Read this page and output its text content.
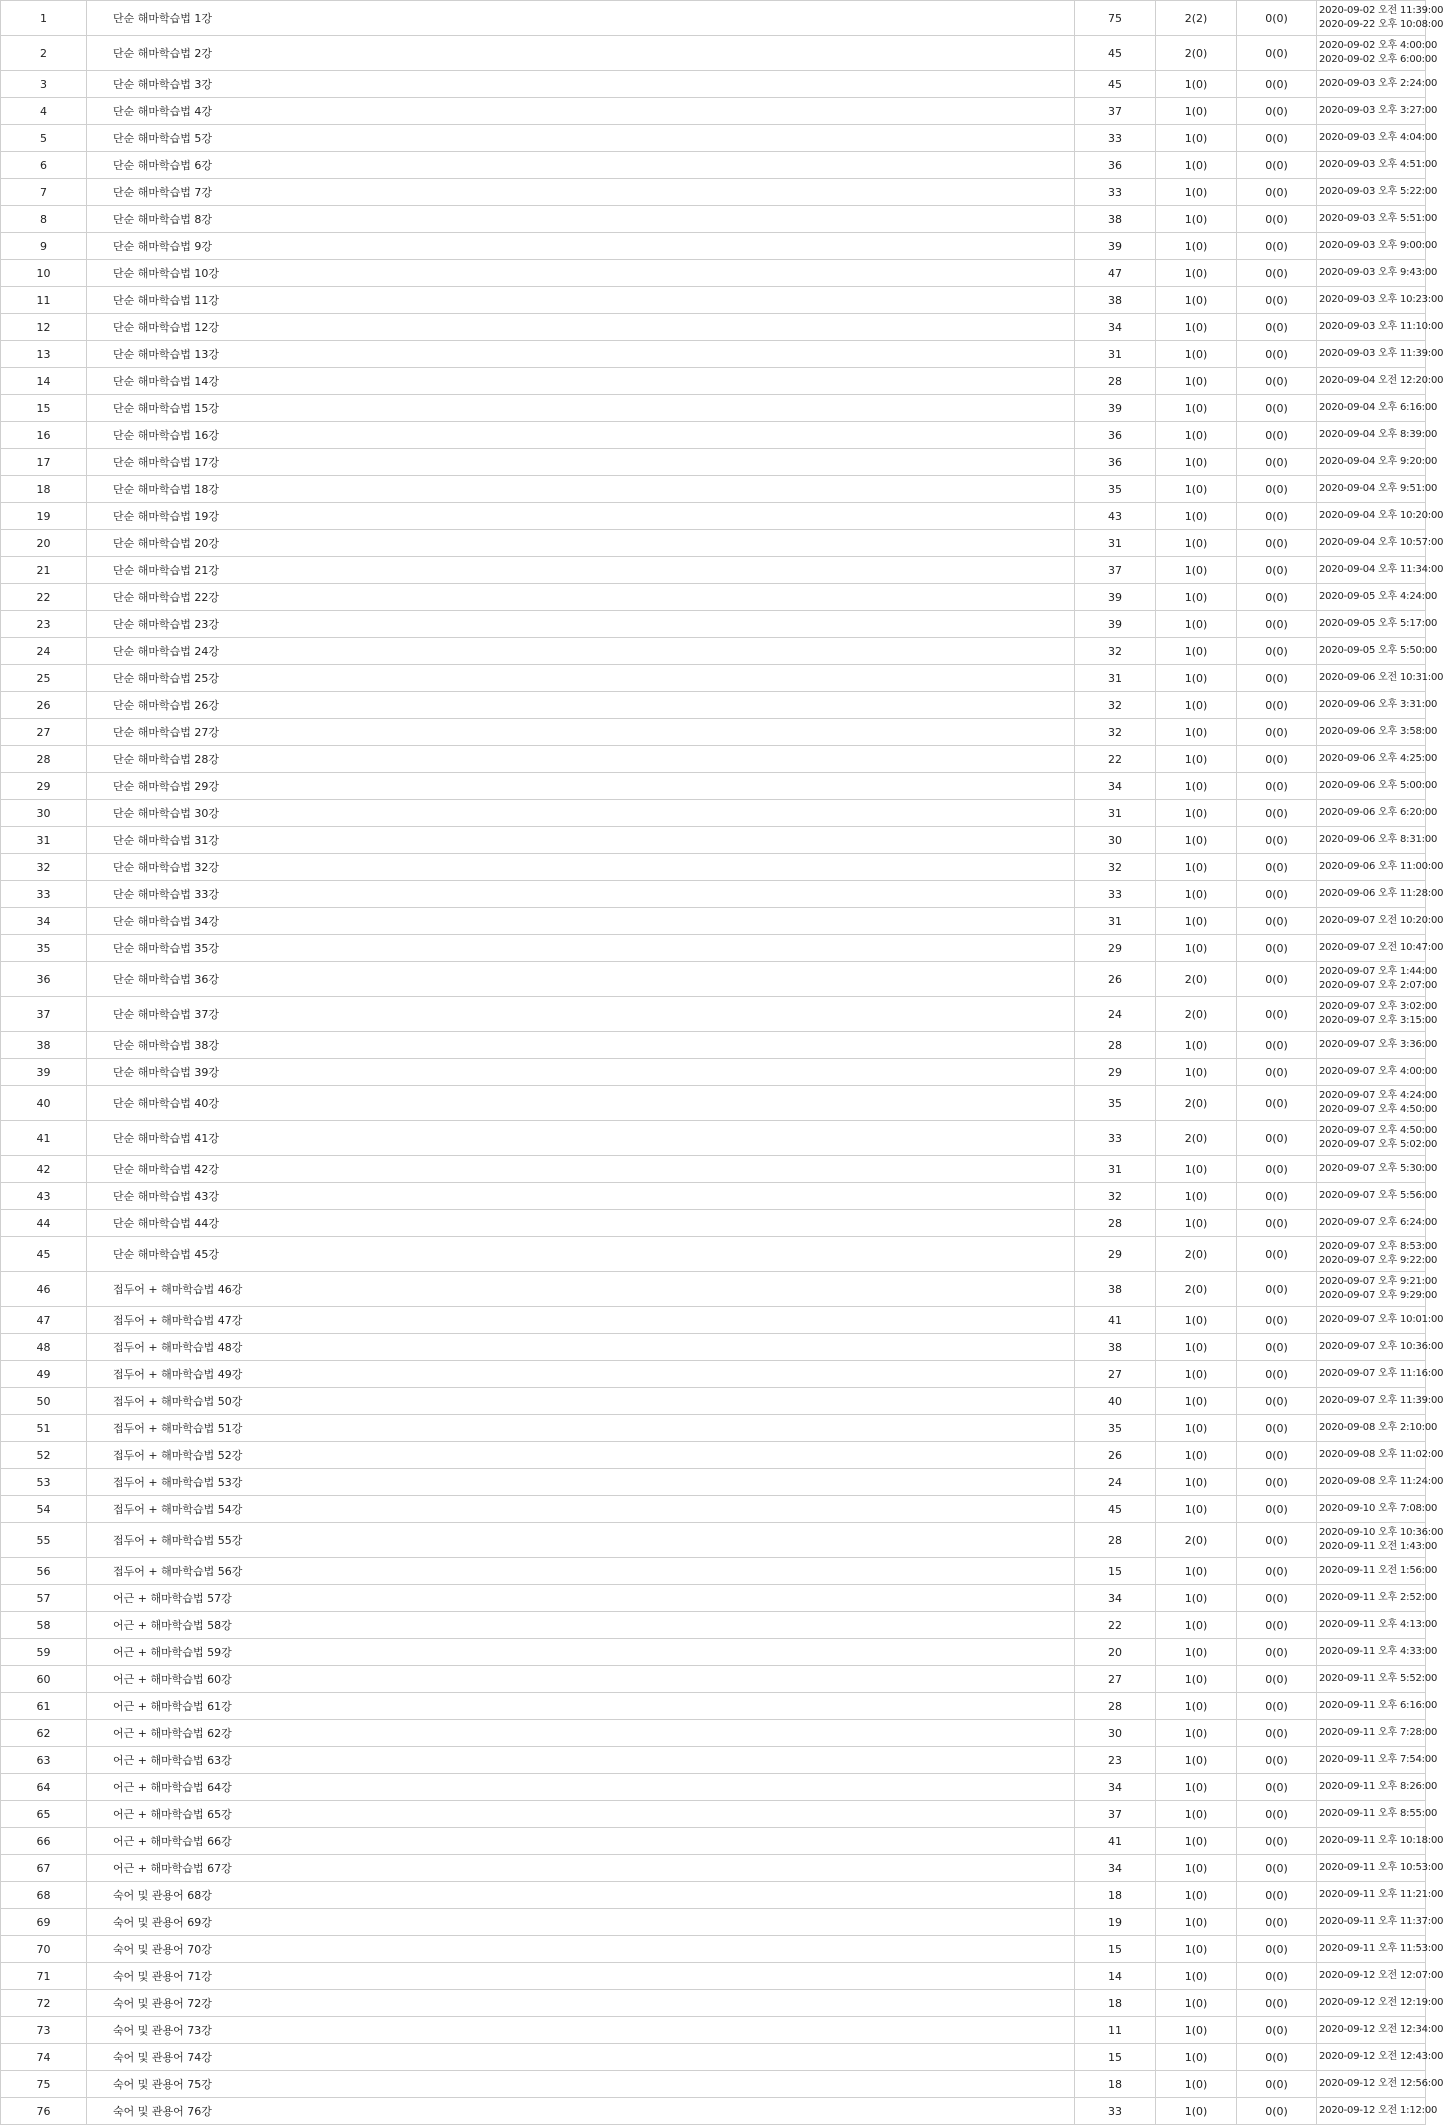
1	단순 해마학습법 1강	75	2(2)	0(0)	2020-09-02 오전 11:39:00
2020-09-22 오후 10:08:00

2	단순 해마학습법 2강	45	2(0)	0(0)	2020-09-02 오후 4:00:00
2020-09-02 오후 6:00:00

3	단순 해마학습법 3강	45	1(0)	0(0)	2020-09-03 오후 2:24:00

4	단순 해마학습법 4강	37	1(0)	0(0)	2020-09-03 오후 3:27:00

5	단순 해마학습법 5강	33	1(0)	0(0)	2020-09-03 오후 4:04:00

6	단순 해마학습법 6강	36	1(0)	0(0)	2020-09-03 오후 4:51:00

7	단순 해마학습법 7강	33	1(0)	0(0)	2020-09-03 오후 5:22:00

8	단순 해마학습법 8강	38	1(0)	0(0)	2020-09-03 오후 5:51:00

9	단순 해마학습법 9강	39	1(0)	0(0)	2020-09-03 오후 9:00:00

10	단순 해마학습법 10강	47	1(0)	0(0)	2020-09-03 오후 9:43:00

11	단순 해마학습법 11강	38	1(0)	0(0)	2020-09-03 오후 10:23:00

12	단순 해마학습법 12강	34	1(0)	0(0)	2020-09-03 오후 11:10:00

13	단순 해마학습법 13강	31	1(0)	0(0)	2020-09-03 오후 11:39:00

14	단순 해마학습법 14강	28	1(0)	0(0)	2020-09-04 오전 12:20:00

15	단순 해마학습법 15강	39	1(0)	0(0)	2020-09-04 오후 6:16:00

16	단순 해마학습법 16강	36	1(0)	0(0)	2020-09-04 오후 8:39:00

17	단순 해마학습법 17강	36	1(0)	0(0)	2020-09-04 오후 9:20:00

18	단순 해마학습법 18강	35	1(0)	0(0)	2020-09-04 오후 9:51:00

19	단순 해마학습법 19강	43	1(0)	0(0)	2020-09-04 오후 10:20:00

20	단순 해마학습법 20강	31	1(0)	0(0)	2020-09-04 오후 10:57:00

21	단순 해마학습법 21강	37	1(0)	0(0)	2020-09-04 오후 11:34:00

22	단순 해마학습법 22강	39	1(0)	0(0)	2020-09-05 오후 4:24:00

23	단순 해마학습법 23강	39	1(0)	0(0)	2020-09-05 오후 5:17:00

24	단순 해마학습법 24강	32	1(0)	0(0)	2020-09-05 오후 5:50:00

25	단순 해마학습법 25강	31	1(0)	0(0)	2020-09-06 오전 10:31:00

26	단순 해마학습법 26강	32	1(0)	0(0)	2020-09-06 오후 3:31:00

27	단순 해마학습법 27강	32	1(0)	0(0)	2020-09-06 오후 3:58:00

28	단순 해마학습법 28강	22	1(0)	0(0)	2020-09-06 오후 4:25:00

29	단순 해마학습법 29강	34	1(0)	0(0)	2020-09-06 오후 5:00:00

30	단순 해마학습법 30강	31	1(0)	0(0)	2020-09-06 오후 6:20:00

31	단순 해마학습법 31강	30	1(0)	0(0)	2020-09-06 오후 8:31:00

32	단순 해마학습법 32강	32	1(0)	0(0)	2020-09-06 오후 11:00:00

33	단순 해마학습법 33강	33	1(0)	0(0)	2020-09-06 오후 11:28:00

34	단순 해마학습법 34강	31	1(0)	0(0)	2020-09-07 오전 10:20:00

35	단순 해마학습법 35강	29	1(0)	0(0)	2020-09-07 오전 10:47:00

36	단순 해마학습법 36강	26	2(0)	0(0)	2020-09-07 오후 1:44:00
2020-09-07 오후 2:07:00

37	단순 해마학습법 37강	24	2(0)	0(0)	2020-09-07 오후 3:02:00
2020-09-07 오후 3:15:00

38	단순 해마학습법 38강	28	1(0)	0(0)	2020-09-07 오후 3:36:00

39	단순 해마학습법 39강	29	1(0)	0(0)	2020-09-07 오후 4:00:00

40	단순 해마학습법 40강	35	2(0)	0(0)	2020-09-07 오후 4:24:00
2020-09-07 오후 4:50:00

41	단순 해마학습법 41강	33	2(0)	0(0)	2020-09-07 오후 4:50:00
2020-09-07 오후 5:02:00

42	단순 해마학습법 42강	31	1(0)	0(0)	2020-09-07 오후 5:30:00

43	단순 해마학습법 43강	32	1(0)	0(0)	2020-09-07 오후 5:56:00

44	단순 해마학습법 44강	28	1(0)	0(0)	2020-09-07 오후 6:24:00

45	단순 해마학습법 45강	29	2(0)	0(0)	2020-09-07 오후 8:53:00
2020-09-07 오후 9:22:00

46	접두어 + 해마학습법 46강	38	2(0)	0(0)	2020-09-07 오후 9:21:00
2020-09-07 오후 9:29:00

47	접두어 + 해마학습법 47강	41	1(0)	0(0)	2020-09-07 오후 10:01:00

48	접두어 + 해마학습법 48강	38	1(0)	0(0)	2020-09-07 오후 10:36:00

49	접두어 + 해마학습법 49강	27	1(0)	0(0)	2020-09-07 오후 11:16:00

50	접두어 + 해마학습법 50강	40	1(0)	0(0)	2020-09-07 오후 11:39:00

51	접두어 + 해마학습법 51강	35	1(0)	0(0)	2020-09-08 오후 2:10:00

52	접두어 + 해마학습법 52강	26	1(0)	0(0)	2020-09-08 오후 11:02:00

53	접두어 + 해마학습법 53강	24	1(0)	0(0)	2020-09-08 오후 11:24:00

54	접두어 + 해마학습법 54강	45	1(0)	0(0)	2020-09-10 오후 7:08:00

55	접두어 + 해마학습법 55강	28	2(0)	0(0)	2020-09-10 오후 10:36:00
2020-09-11 오전 1:43:00

56	접두어 + 해마학습법 56강	15	1(0)	0(0)	2020-09-11 오전 1:56:00

57	어근 + 해마학습법 57강	34	1(0)	0(0)	2020-09-11 오후 2:52:00

58	어근 + 해마학습법 58강	22	1(0)	0(0)	2020-09-11 오후 4:13:00

59	어근 + 해마학습법 59강	20	1(0)	0(0)	2020-09-11 오후 4:33:00

60	어근 + 해마학습법 60강	27	1(0)	0(0)	2020-09-11 오후 5:52:00

61	어근 + 해마학습법 61강	28	1(0)	0(0)	2020-09-11 오후 6:16:00

62	어근 + 해마학습법 62강	30	1(0)	0(0)	2020-09-11 오후 7:28:00

63	어근 + 해마학습법 63강	23	1(0)	0(0)	2020-09-11 오후 7:54:00

64	어근 + 해마학습법 64강	34	1(0)	0(0)	2020-09-11 오후 8:26:00

65	어근 + 해마학습법 65강	37	1(0)	0(0)	2020-09-11 오후 8:55:00

66	어근 + 해마학습법 66강	41	1(0)	0(0)	2020-09-11 오후 10:18:00

67	어근 + 해마학습법 67강	34	1(0)	0(0)	2020-09-11 오후 10:53:00

68	숙어 및 관용어 68강	18	1(0)	0(0)	2020-09-11 오후 11:21:00

69	숙어 및 관용어 69강	19	1(0)	0(0)	2020-09-11 오후 11:37:00

70	숙어 및 관용어 70강	15	1(0)	0(0)	2020-09-11 오후 11:53:00

71	숙어 및 관용어 71강	14	1(0)	0(0)	2020-09-12 오전 12:07:00

72	숙어 및 관용어 72강	18	1(0)	0(0)	2020-09-12 오전 12:19:00

73	숙어 및 관용어 73강	11	1(0)	0(0)	2020-09-12 오전 12:34:00

74	숙어 및 관용어 74강	15	1(0)	0(0)	2020-09-12 오전 12:43:00

75	숙어 및 관용어 75강	18	1(0)	0(0)	2020-09-12 오전 12:56:00

76	숙어 및 관용어 76강	33	1(0)	0(0)	2020-09-12 오전 1:12:00
